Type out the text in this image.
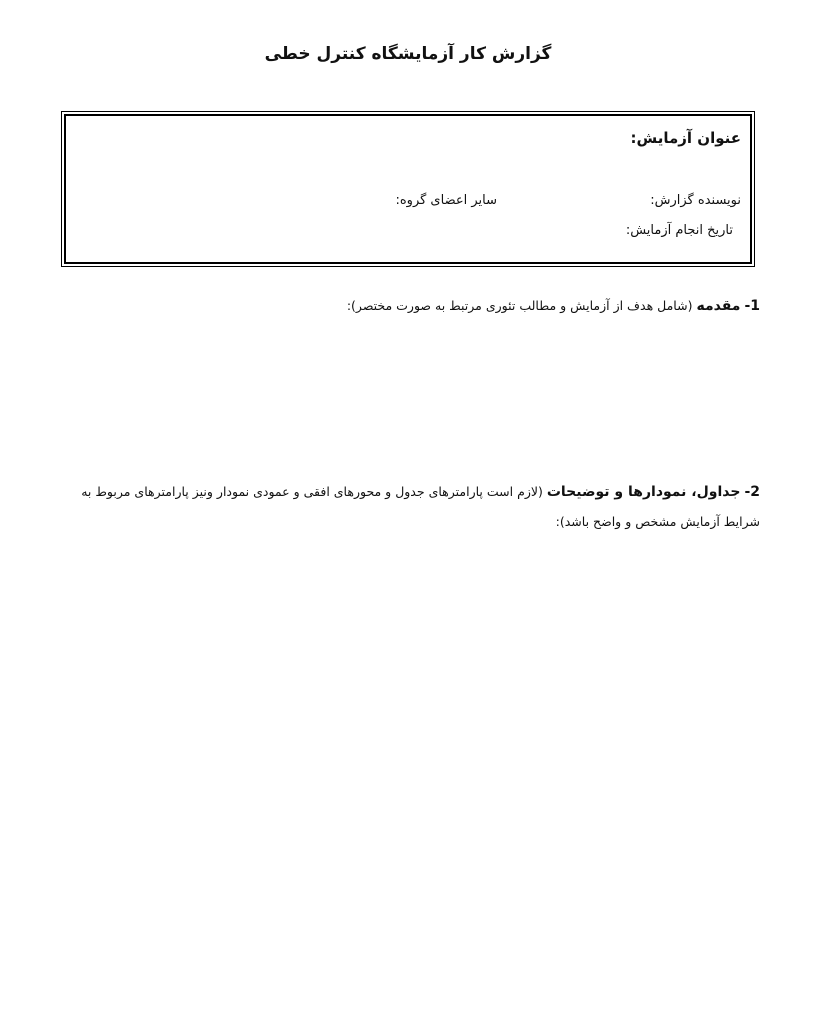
گزارش کار آزمایشگاه کنترل خطی
عنوان آزمایش:
نویسنده گزارش:
سایر اعضای گروه:
تاریخ انجام آزمایش:
1- مقدمه (شامل هدف از آزمایش و مطالب تئوری مرتبط به صورت مختصر):
2- جداول، نمودارها و توضیحات (لازم است پارامترهای جدول و محورهای افقی و عمودی نمودار ونیز پارامترهای مربوط به شرایط آزمایش مشخص و واضح باشد):
